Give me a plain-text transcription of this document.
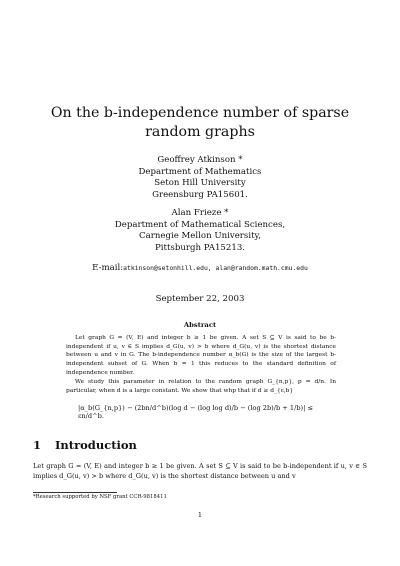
On the b-independence number of sparse random graphs
Geoffrey Atkinson *
Department of Mathematics
Seton Hill University
Greensburg PA15601.
Alan Frieze *
Department of Mathematical Sciences,
Carnegie Mellon University,
Pittsburgh PA15213.
E-mail:atkinson@setonhill.edu, alan@random.math.cmu.edu
September 22, 2003
Abstract

Let graph G = (V, E) and integer b ≥ 1 be given. A set S ⊆ V is said to be b-independent if u, v ∈ S implies d_G(u, v) > b where d_G(u, v) is the shortest distance between u and v in G. The b-independence number α_b(G) is the size of the largest b-independent subset of G. When b = 1 this reduces to the standard definition of independence number.

We study this parameter in relation to the random graph G_{n,p}, p = d/n. In particular, when d is a large constant. We show that whp that if d ≥ d_{ε,b}

|α_b(G_{n,p}) − (2bn/d^b)(log d − (log log d)/b − (log 2b)/b + 1/b)| ≤ εn/d^b.
1 Introduction
Let graph G = (V, E) and integer b ≥ 1 be given. A set S ⊆ V is said to be b-independent if u, v ∈ S implies d_G(u, v) > b where d_G(u, v) is the shortest distance between u and v
*Research supported by NSF grant CCR-9818411
1
